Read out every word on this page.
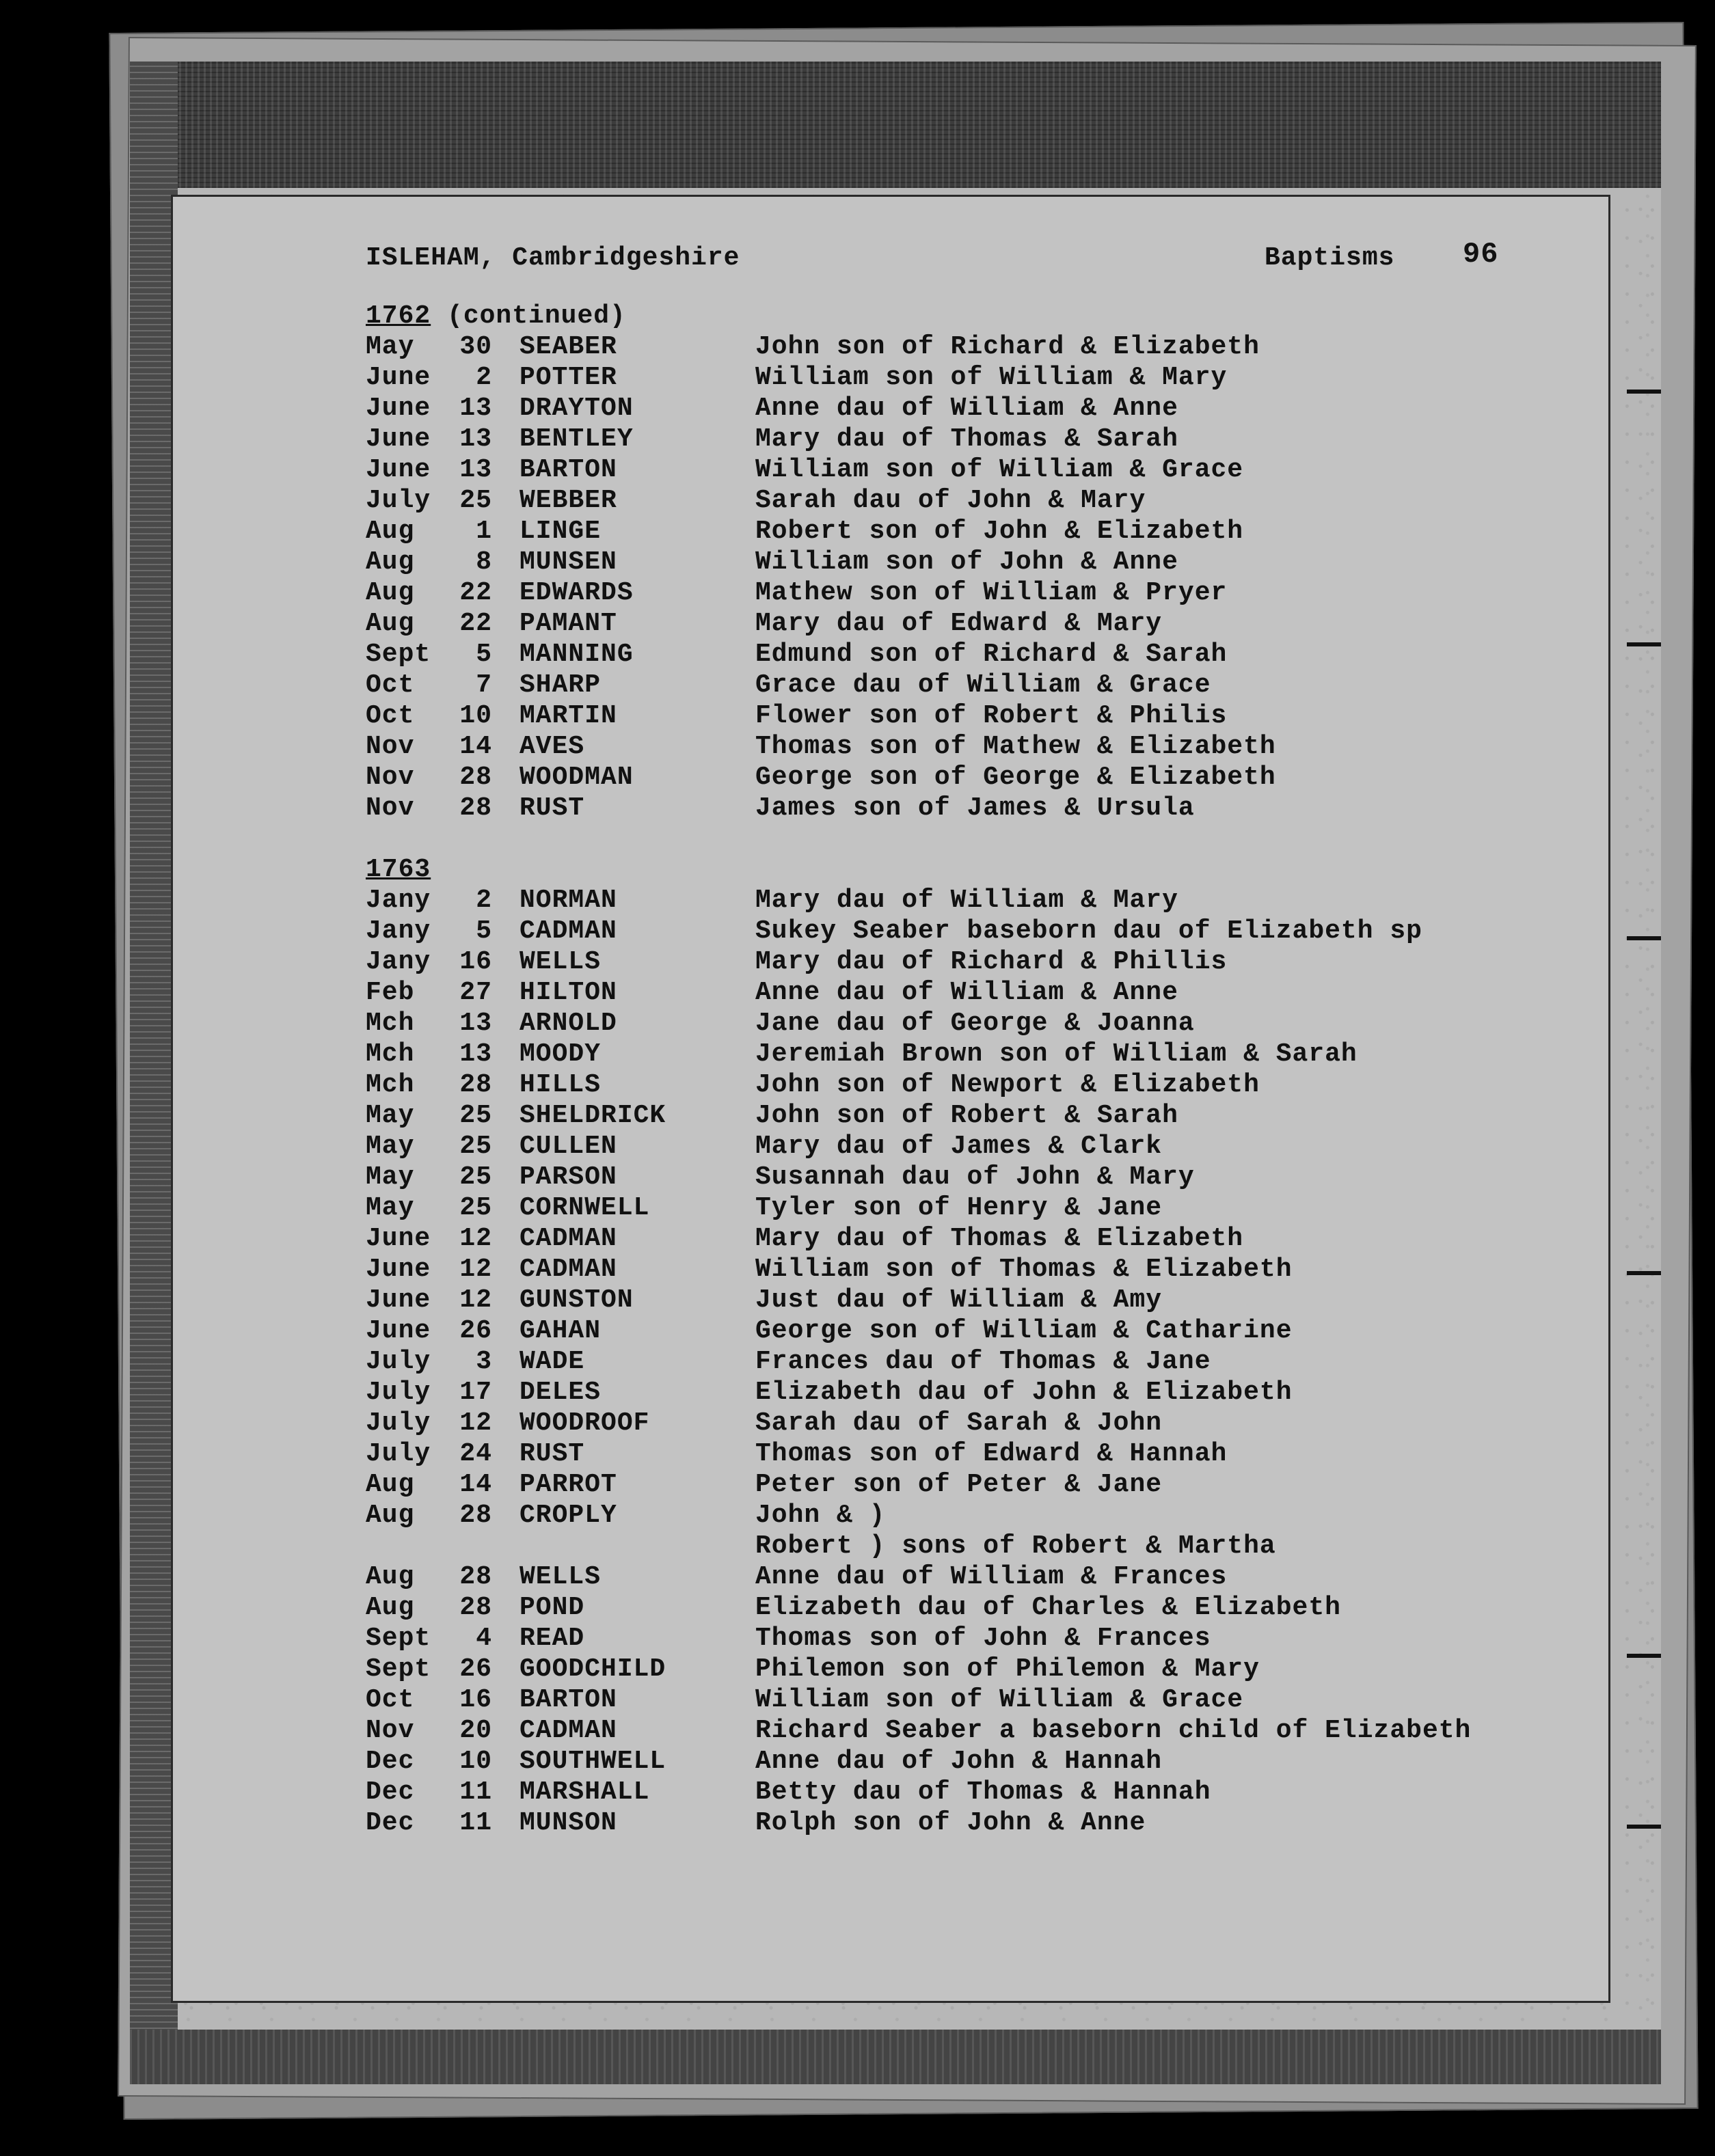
ISLEHAM, Cambridgeshire	Baptisms 96
1762 (continued)
May	30 SEABER	John son of Richard & Elizabeth
June	2 POTTER	William son of William & Mary
June	13 DRAYTON	Anne dau of William & Anne
June	13 BENTLEY	Mary dau of Thomas & Sarah
June	13 BARTON	William son of William & Grace
July	25 WEBBER	Sarah dau of John & Mary
Aug	1 LINGE	Robert son of John & Elizabeth
Aug	8 MUNSEN	William son of John & Anne
Aug	22 EDWARDS	Mathew son of William & Pryer
Aug	22 PAMANT	Mary dau of Edward & Mary
Sept	5 MANNING	Edmund son of Richard & Sarah
Oct	7 SHARP	Grace dau of William & Grace
Oct	10 MARTIN	Flower son of Robert & Philis
Nov	14 AVES	Thomas son of Mathew & Elizabeth
Nov	28 WOODMAN	George son of George & Elizabeth
Nov	28 RUST	James son of James & Ursula
1763
Jany	2 NORMAN	Mary dau of William & Mary
Jany	5 CADMAN	Sukey Seaber baseborn dau of Elizabeth sp
Jany	16 WELLS	Mary dau of Richard & Phillis
Feb	27 HILTON	Anne dau of William & Anne
Mch	13 ARNOLD	Jane dau of George & Joanna
Mch	13 MOODY	Jeremiah Brown son of William & Sarah
Mch	28 HILLS	John son of Newport & Elizabeth
May	25 SHELDRICK	John son of Robert & Sarah
May	25 CULLEN	Mary dau of James & Clark
May	25 PARSON	Susannah dau of John & Mary
May	25 CORNWELL	Tyler son of Henry & Jane
June	12 CADMAN	Mary dau of Thomas & Elizabeth
June	12 CADMAN	William son of Thomas & Elizabeth
June	12 GUNSTON	Just dau of William & Amy
June	26 GAHAN	George son of William & Catharine
July	3 WADE	Frances dau of Thomas & Jane
July	17 DELES	Elizabeth dau of John & Elizabeth
July	12 WOODROOF	Sarah dau of Sarah & John
July	24 RUST	Thomas son of Edward & Hannah
Aug	14 PARROT	Peter son of Peter & Jane
Aug	28 CROPLY	John & )
Robert ) sons of Robert & Martha
Aug	28 WELLS	Anne dau of William & Frances
Aug	28 POND	Elizabeth dau of Charles & Elizabeth
Sept	4 READ	Thomas son of John & Frances
Sept	26 GOODCHILD	Philemon son of Philemon & Mary
Oct	16 BARTON	William son of William & Grace
Nov	20 CADMAN	Richard Seaber a baseborn child of Elizabeth
Dec	10 SOUTHWELL	Anne dau of John & Hannah
Dec	11 MARSHALL	Betty dau of Thomas & Hannah
Dec	11 MUNSON	Rolph son of John & Anne
